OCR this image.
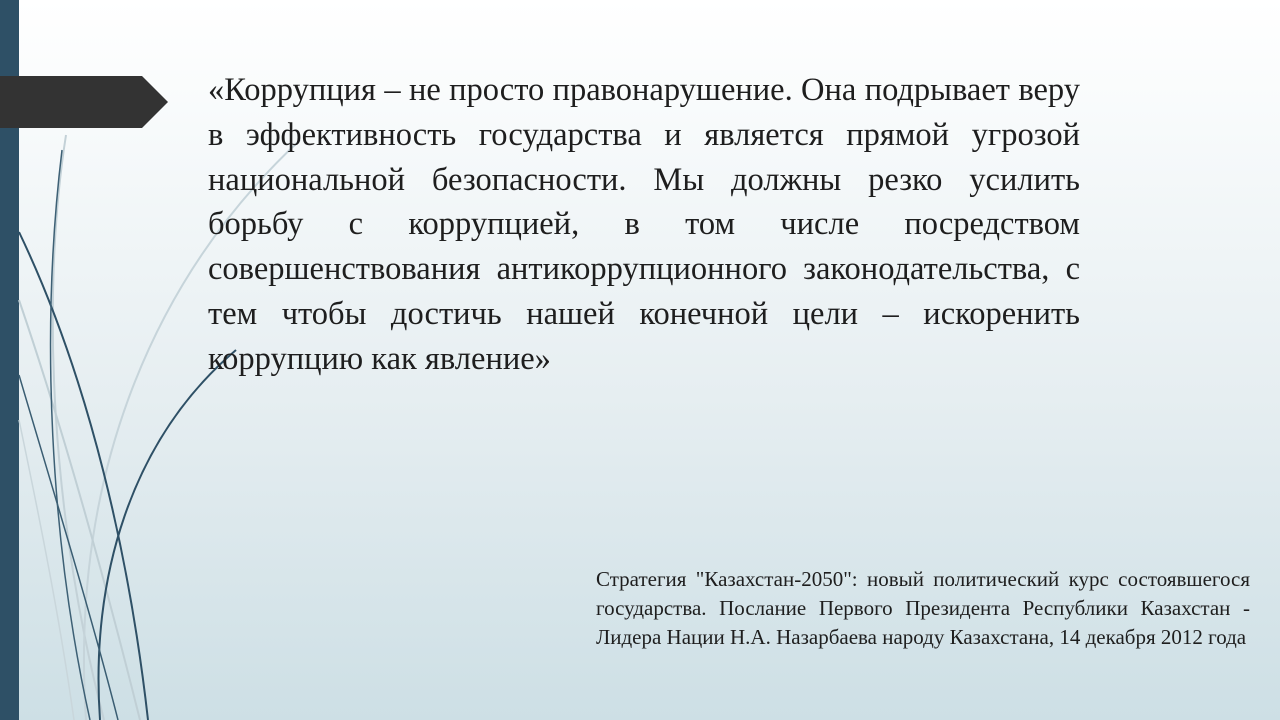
«Коррупция – не просто правонарушение. Она подрывает веру в эффективность государства и является прямой угрозой национальной безопасности. Мы должны резко усилить борьбу с коррупцией, в том числе посредством совершенствования антикоррупционного законодательства, с тем чтобы достичь нашей конечной цели – искоренить коррупцию как явление»

Стратегия "Казахстан-2050": новый политический курс состоявшегося государства. Послание Первого Президента Республики Казахстан - Лидера Нации Н.А. Назарбаева народу Казахстана, 14 декабря 2012 года
